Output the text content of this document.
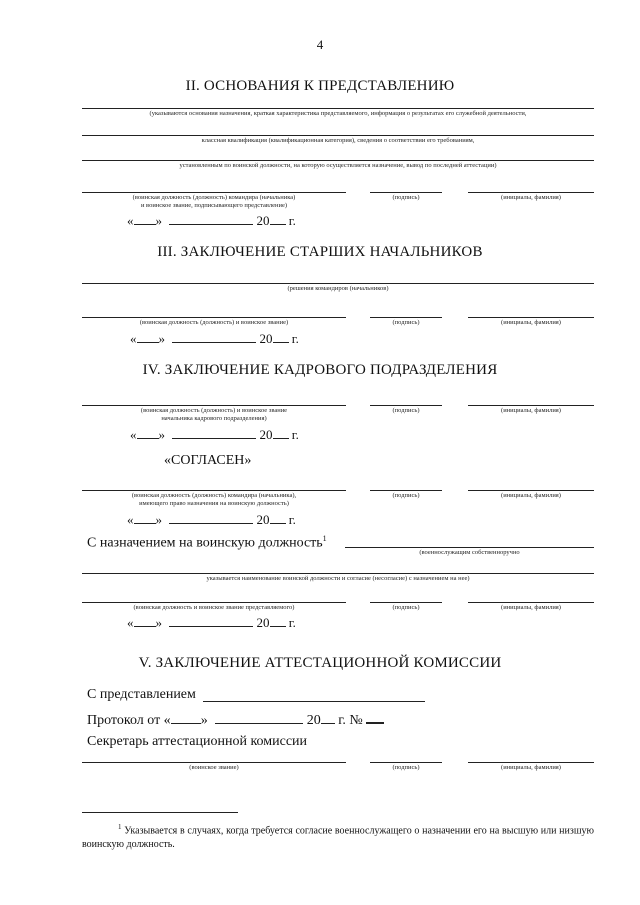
4
II. ОСНОВАНИЯ К ПРЕДСТАВЛЕНИЮ
(указываются основания назначения, краткая характеристика представляемого, информация о результатах его служебной деятельности,
классная квалификация (квалификационная категория), сведения о соответствии его требованиям,
установленным по воинской должности, на которую осуществляется назначение, вывод по последней аттестации)
(воинская должность (должность) командира (начальника)
и воинское звание, подписывающего представление)
(подпись)	(инициалы, фамилия)
« »	20 г.
III. ЗАКЛЮЧЕНИЕ СТАРШИХ НАЧАЛЬНИКОВ
(решения командиров (начальников)
(воинская должность (должность) и воинское звание)	(подпись)	(инициалы, фамилия)
« »	20 г.
IV. ЗАКЛЮЧЕНИЕ КАДРОВОГО ПОДРАЗДЕЛЕНИЯ
(воинская должность (должность) и воинское звание
начальника кадрового подразделения)
(подпись)	(инициалы, фамилия)
« »	20 г.
«СОГЛАСЕН»
(воинская должность (должность) командира (начальника),
имеющего право назначения на воинскую должность)
(подпись)	(инициалы, фамилия)
« »	20 г.
С назначением на воинскую должность$^1$
(военнослужащим собственноручно
указывается наименование воинской должности и согласие (несогласие) с назначением на нее)
(воинская должность и воинское звание представляемого)	(подпись)	(инициалы, фамилия)
« »	20 г.
V. ЗАКЛЮЧЕНИЕ АТТЕСТАЦИОННОЙ КОМИССИИ
С представлением
Протокол от « »	20 г. №
Секретарь аттестационной комиссии
(воинское звание)	(подпись)	(инициалы, фамилия)
$^1$ Указывается в случаях, когда требуется согласие военнослужащего о назначении его на высшую или низшую воинскую должность.
